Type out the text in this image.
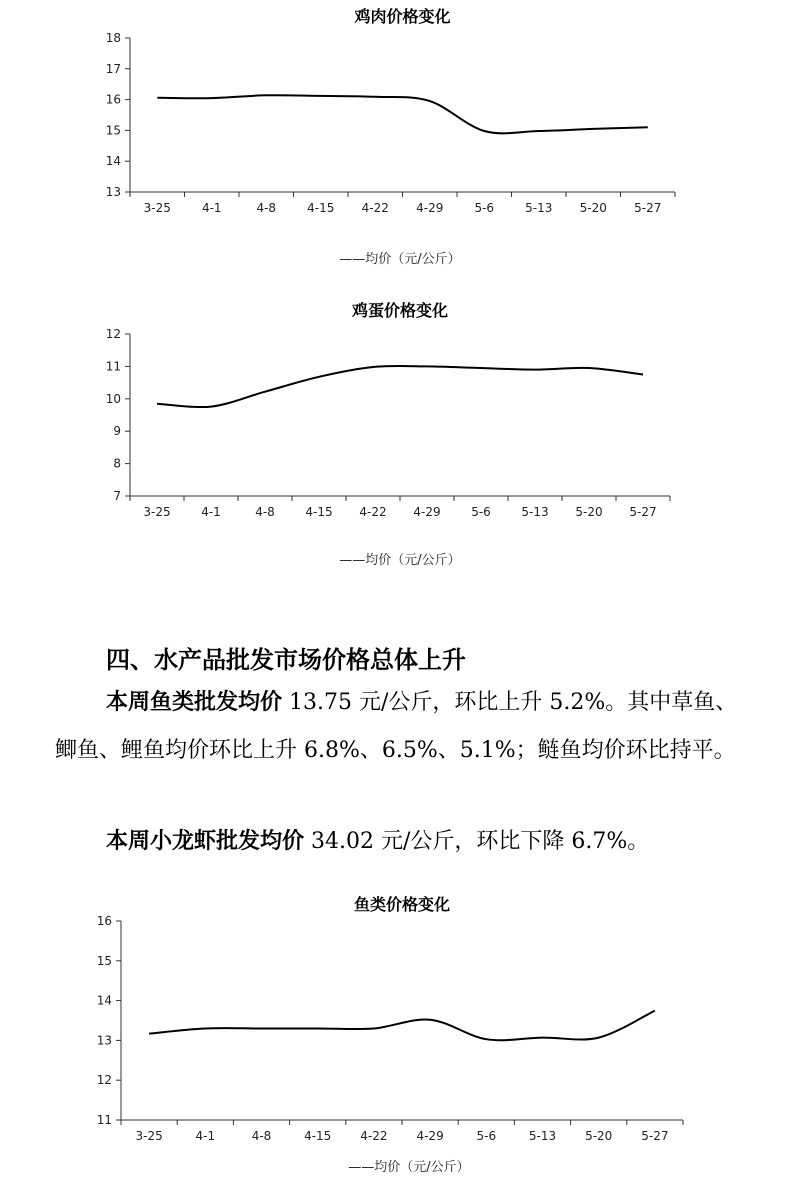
鸡肉价格变化
13
14
15
16
17
18
3-25	4-1	4-8	4-15 4-22 4-29	5-6	5-13 5-20 5-27
——均价（元/公斤）
鸡蛋价格变化
7
8
9
10
11
12
3-25	4-1	4-8	4-15 4-22 4-29	5-6	5-13 5-20 5-27
——均价（元/公斤）
四、水产品批发市场价格总体上升

本周鱼类批发均价 13.75 元/公斤，环比上升 5.2%。其中草鱼、鲫鱼、鲤鱼均价环比上升 6.8%、6.5%、5.1%；鲢鱼均价环比持平。

本周小龙虾批发均价 34.02 元/公斤，环比下降 6.7%。

鱼类价格变化
11
12
13
14
15
16
3-25	4-1	4-8	4-15 4-22 4-29	5-6	5-13 5-20 5-27
——均价（元/公斤）
